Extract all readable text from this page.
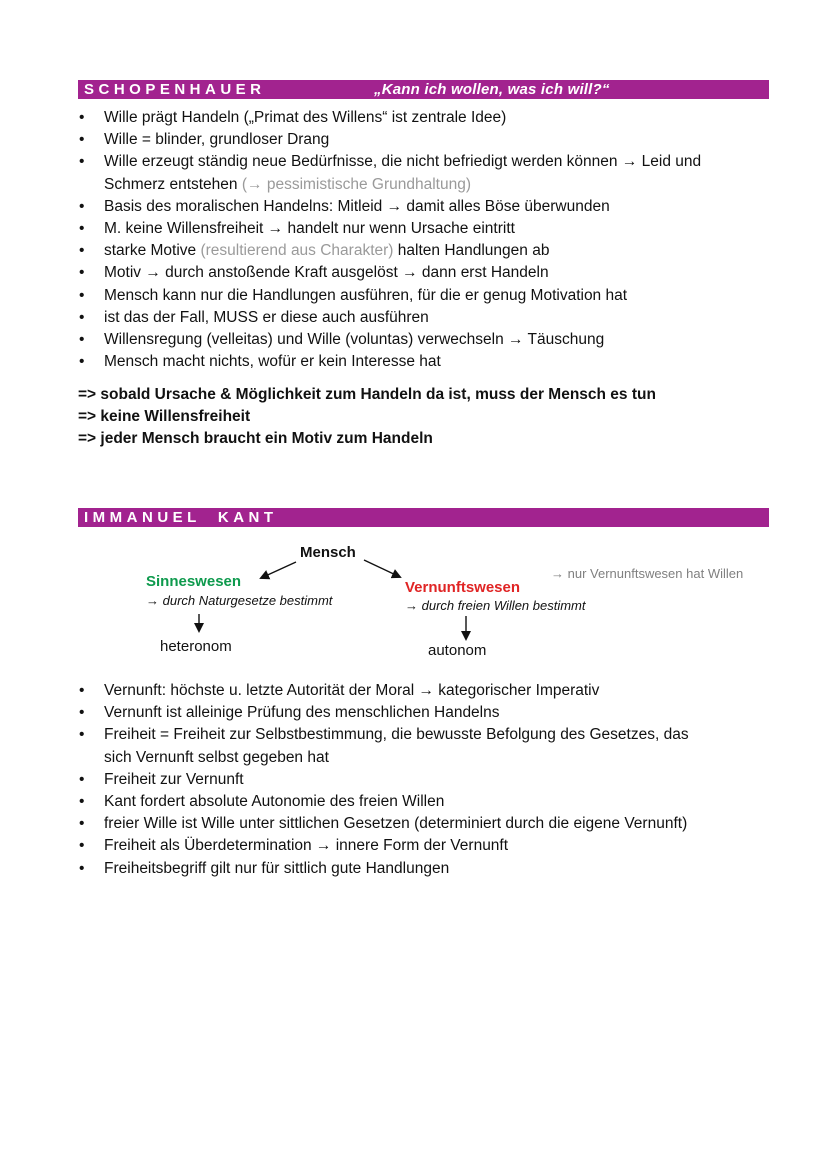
SCHOPENHAUER	„Kann ich wollen, was ich will?“
• Wille prägt Handeln („Primat des Willens“ ist zentrale Idee)
• Wille = blinder, grundloser Drang
• Wille erzeugt ständig neue Bedürfnisse, die nicht befriedigt werden können → Leid und
Schmerz entstehen (→ pessimistische Grundhaltung)
• Basis des moralischen Handelns: Mitleid → damit alles Böse überwunden
• M. keine Willensfreiheit → handelt nur wenn Ursache eintritt
• starke Motive (resultierend aus Charakter) halten Handlungen ab
• Motiv → durch anstoßende Kraft ausgelöst → dann erst Handeln
• Mensch kann nur die Handlungen ausführen, für die er genug Motivation hat
• ist das der Fall, MUSS er diese auch ausführen
• Willensregung (velleitas) und Wille (voluntas) verwechseln → Täuschung
• Mensch macht nichts, wofür er kein Interesse hat
=> sobald Ursache & Möglichkeit zum Handeln da ist, muss der Mensch es tun
=> keine Willensfreiheit
=> jeder Mensch braucht ein Motiv zum Handeln
IMMANUEL  KANT
Mensch
Sinneswesen
→ durch Naturgesetze bestimmt
Vernunftswesen
→ durch freien Willen bestimmt
→ nur Vernunftswesen hat Willen
heteronom	autonom
• Vernunft: höchste u. letzte Autorität der Moral → kategorischer Imperativ
• Vernunft ist alleinige Prüfung des menschlichen Handelns
• Freiheit = Freiheit zur Selbstbestimmung, die bewusste Befolgung des Gesetzes, das
sich Vernunft selbst gegeben hat
• Freiheit zur Vernunft
• Kant fordert absolute Autonomie des freien Willen
• freier Wille ist Wille unter sittlichen Gesetzen (determiniert durch die eigene Vernunft)
• Freiheit als Überdetermination → innere Form der Vernunft
• Freiheitsbegriff gilt nur für sittlich gute Handlungen
